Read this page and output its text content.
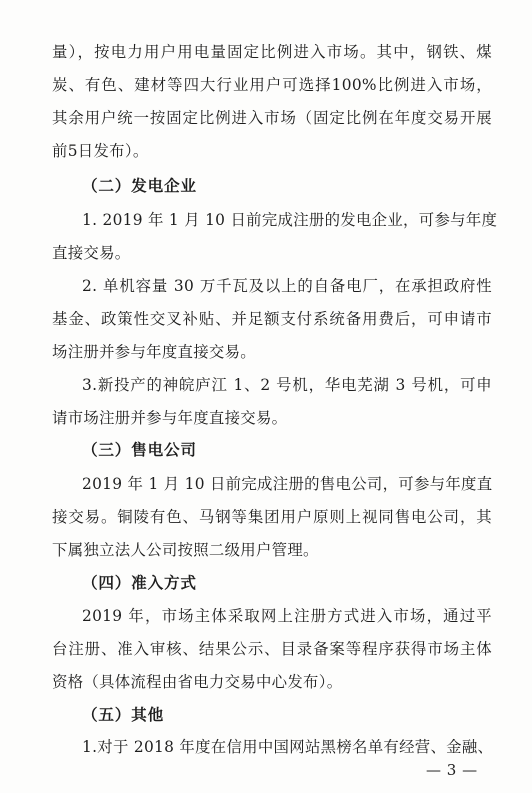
量），按电力用户用电量固定比例进入市场。其中，钢铁、煤
炭、有色、建材等四大行业用户可选择100%比例进入市场，
其余用户统一按固定比例进入市场（固定比例在年度交易开展
前5日发布）。
（二）发电企业
1. 2019 年 1 月 10 日前完成注册的发电企业，可参与年度
直接交易。
2. 单机容量 30 万千瓦及以上的自备电厂，在承担政府性
基金、政策性交叉补贴、并足额支付系统备用费后，可申请市
场注册并参与年度直接交易。
3.新投产的神皖庐江 1、2 号机，华电芜湖 3 号机，可申
请市场注册并参与年度直接交易。
（三）售电公司
2019 年 1 月 10 日前完成注册的售电公司，可参与年度直
接交易。铜陵有色、马钢等集团用户原则上视同售电公司，其
下属独立法人公司按照二级用户管理。
（四）准入方式
2019 年，市场主体采取网上注册方式进入市场，通过平
台注册、准入审核、结果公示、目录备案等程序获得市场主体
资格（具体流程由省电力交易中心发布）。
（五）其他
1.对于 2018 年度在信用中国网站黑榜名单有经营、金融、
— 3 —
